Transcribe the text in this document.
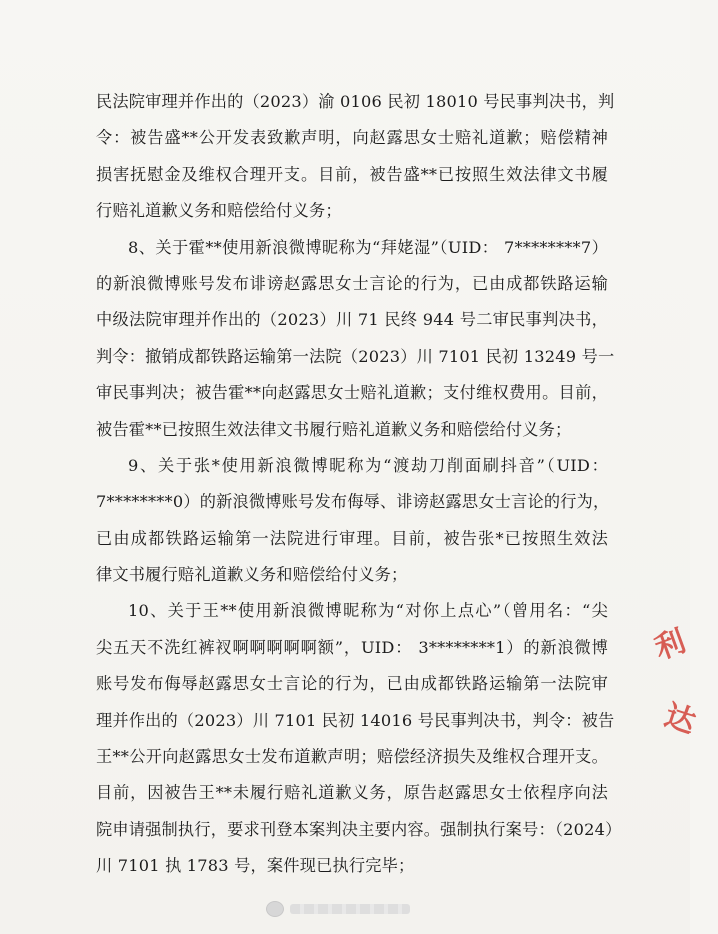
民法院审理并作出的（2023）渝 0106 民初 18010 号民事判决书，判
令：被告盛**公开发表致歉声明，向赵露思女士赔礼道歉；赔偿精神
损害抚慰金及维权合理开支。目前，被告盛**已按照生效法律文书履
行赔礼道歉义务和赔偿给付义务；
8、关于霍**使用新浪微博昵称为“拜姥湿”（UID： 7********7）
的新浪微博账号发布诽谤赵露思女士言论的行为，已由成都铁路运输
中级法院审理并作出的（2023）川 71 民终 944 号二审民事判决书，
判令：撤销成都铁路运输第一法院（2023）川 7101 民初 13249 号一
审民事判决；被告霍**向赵露思女士赔礼道歉；支付维权费用。目前，
被告霍**已按照生效法律文书履行赔礼道歉义务和赔偿给付义务；
9、关于张*使用新浪微博昵称为“渡劫刀削面刷抖音”（UID：
7********0）的新浪微博账号发布侮辱、诽谤赵露思女士言论的行为，
已由成都铁路运输第一法院进行审理。目前，被告张*已按照生效法
律文书履行赔礼道歉义务和赔偿给付义务；
10、关于王**使用新浪微博昵称为“对你上点心”（曾用名：“尖
尖五天不洗红裤衩啊啊啊啊啊额”，UID： 3********1）的新浪微博
账号发布侮辱赵露思女士言论的行为，已由成都铁路运输第一法院审
理并作出的（2023）川 7101 民初 14016 号民事判决书，判令：被告
王**公开向赵露思女士发布道歉声明；赔偿经济损失及维权合理开支。
目前，因被告王**未履行赔礼道歉义务，原告赵露思女士依程序向法
院申请强制执行，要求刊登本案判决主要内容。强制执行案号：（2024）
川 7101 执 1783 号，案件现已执行完毕；
利
达
